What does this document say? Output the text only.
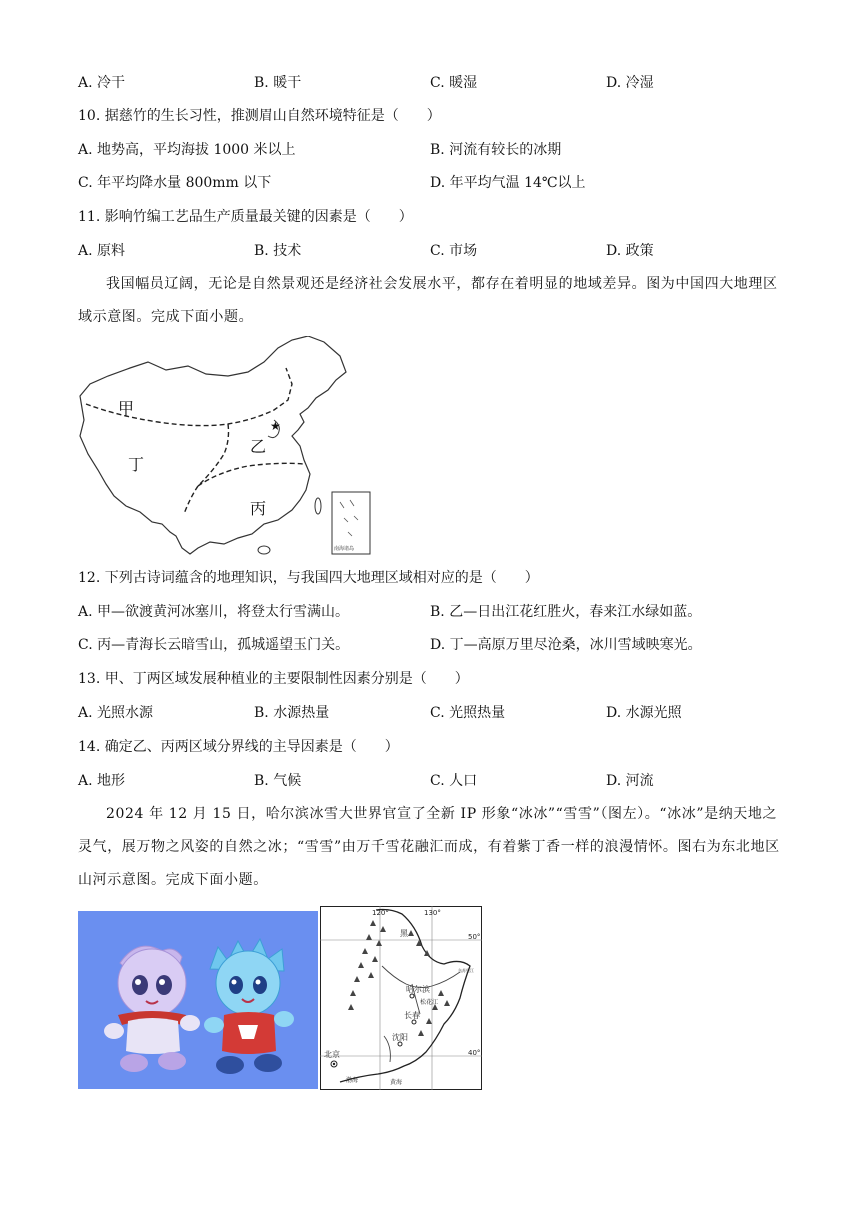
A. 冷干	B. 暖干	C. 暖湿	D. 冷湿
10. 据慈竹的生长习性，推测眉山自然环境特征是（　　）
A. 地势高，平均海拔 1000 米以上	B. 河流有较长的冰期
C. 年平均降水量 800mm 以下	D. 年平均气温 14℃以上
11. 影响竹编工艺品生产质量最关键的因素是（　　）
A. 原料	B. 技术	C. 市场	D. 政策
我国幅员辽阔，无论是自然景观还是经济社会发展水平，都存在着明显的地域差异。图为中国四大地理区域示意图。完成下面小题。
★
甲
乙
丙
丁
南海诸岛
12. 下列古诗词蕴含的地理知识，与我国四大地理区域相对应的是（　　）
A. 甲—欲渡黄河冰塞川，将登太行雪满山。	B. 乙—日出江花红胜火，春来江水绿如蓝。
C. 丙—青海长云暗雪山，孤城遥望玉门关。	D. 丁—高原万里尽沧桑，冰川雪域映寒光。
13. 甲、丁两区域发展种植业的主要限制性因素分别是（　　）
A. 光照水源	B. 水源热量	C. 光照热量	D. 水源光照
14. 确定乙、丙两区域分界线的主导因素是（　　）
A. 地形	B. 气候	C. 人口	D. 河流
2024 年 12 月 15 日，哈尔滨冰雪大世界官宣了全新 IP 形象“冰冰”“雪雪”（图左）。“冰冰”是纳天地之灵气，展万物之风姿的自然之冰；“雪雪”由万千雪花融汇而成，有着紫丁香一样的浪漫情怀。图右为东北地区山河示意图。完成下面小题。
120°	130°
50°
40°
黑
哈尔滨
松花江
长春
沈阳
北京
渤海	黄海
乌苏里江
